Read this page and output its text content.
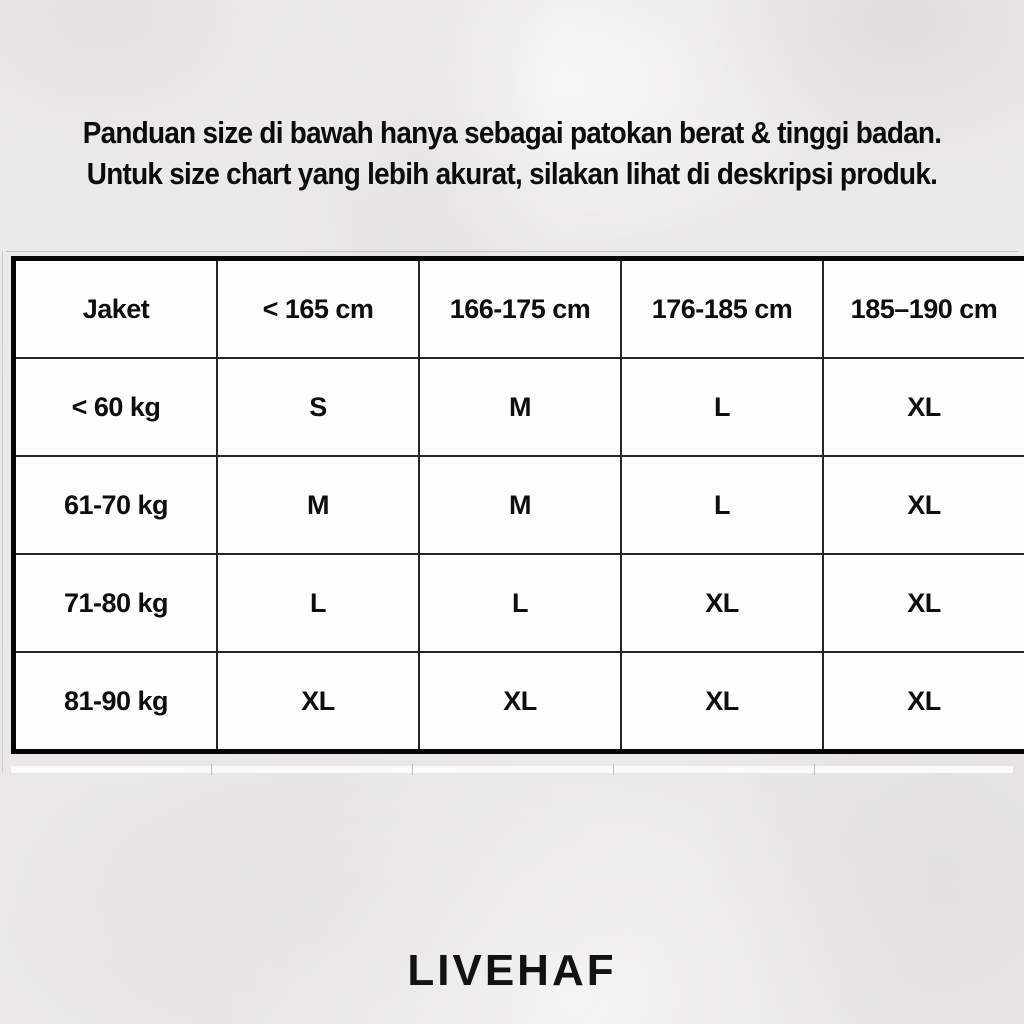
Panduan size di bawah hanya sebagai patokan berat & tinggi badan.
Untuk size chart yang lebih akurat, silakan lihat di deskripsi produk.
Jaket	< 165 cm	166-175 cm	176-185 cm	185–190 cm
< 60 kg	S	M	L	XL
61-70 kg	M	M	L	XL
71-80 kg	L	L	XL	XL
81-90 kg	XL	XL	XL	XL
LIVEHAF
